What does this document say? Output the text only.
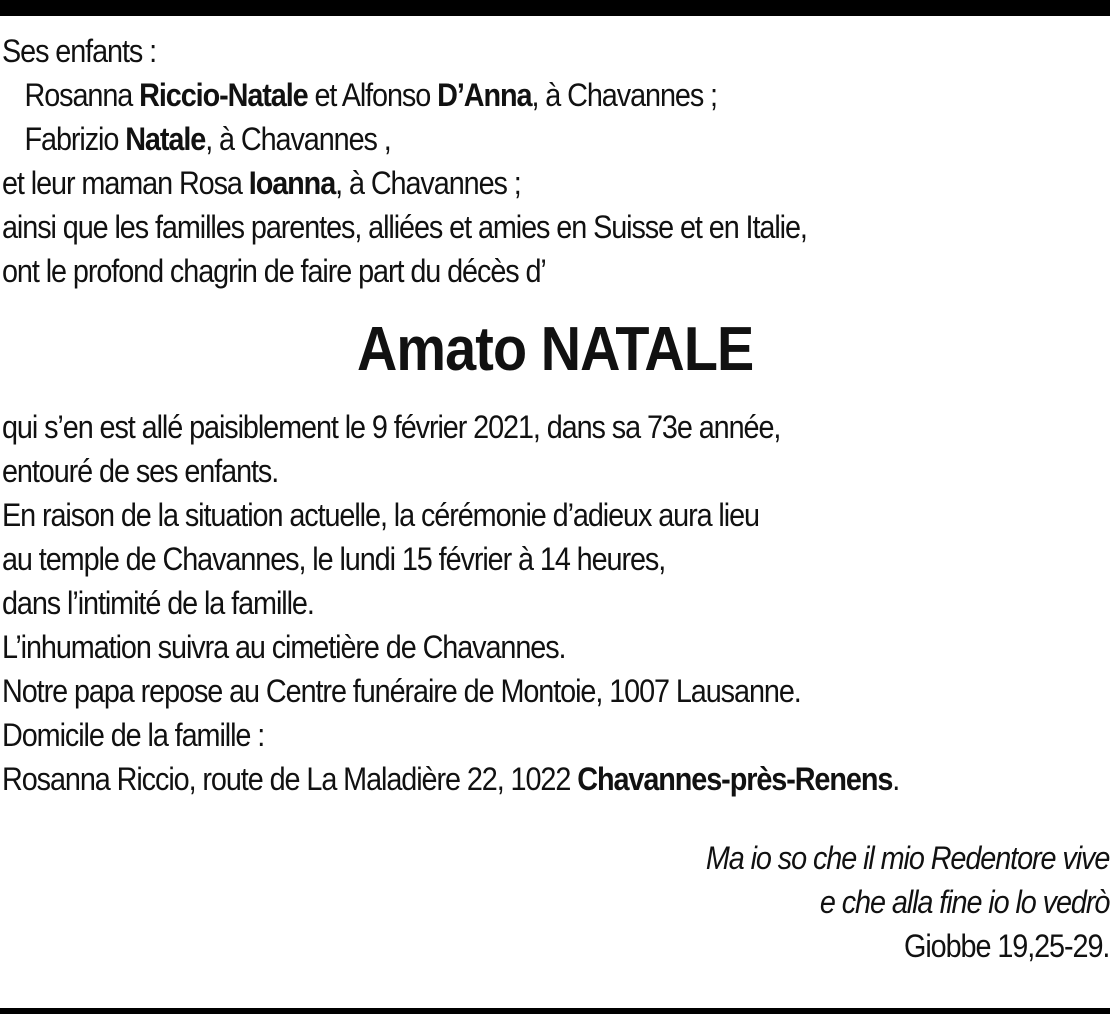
Ses enfants :
Rosanna Riccio-Natale et Alfonso D’Anna, à Chavannes ;
Fabrizio Natale, à Chavannes ,
et leur maman Rosa Ioanna, à Chavannes ;
ainsi que les familles parentes, alliées et amies en Suisse et en Italie,
ont le profond chagrin de faire part du décès d’
Amato NATALE
qui s’en est allé paisiblement le 9 février 2021, dans sa 73e année,
entouré de ses enfants.
En raison de la situation actuelle, la cérémonie d’adieux aura lieu
au temple de Chavannes, le lundi 15 février à 14 heures,
dans l’intimité de la famille.
L’inhumation suivra au cimetière de Chavannes.
Notre papa repose au Centre funéraire de Montoie, 1007 Lausanne.
Domicile de la famille :
Rosanna Riccio, route de La Maladière 22, 1022 Chavannes-près-Renens.
Ma io so che il mio Redentore vive
e che alla fine io lo vedrò
Giobbe 19,25-29.
